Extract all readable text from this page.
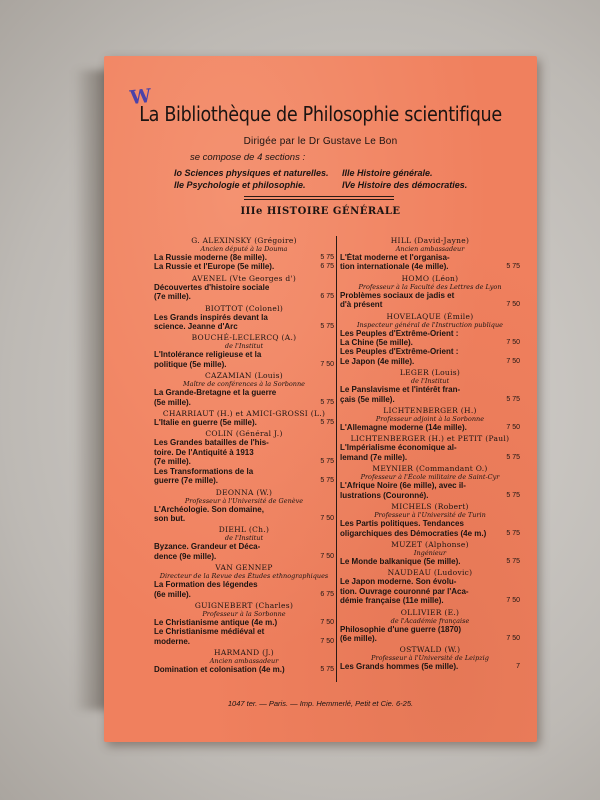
W
La Bibliothèque de Philosophie scientifique
Dirigée par le Dr Gustave Le Bon
se compose de 4 sections :
Io Sciences physiques et naturelles.
IIe Psychologie et philosophie.
IIIe Histoire générale.
IVe Histoire des démocraties.
IIIe HISTOIRE GÉNÉRALE
G. ALEXINSKY (Grégoire)
Ancien député à la Douma
La Russie moderne (8e mille).	5 75
La Russie et l'Europe (5e mille).	6 75
AVENEL (Vte Georges d')
Découvertes d'histoire sociale
(7e mille).	6 75
BIOTTOT (Colonel)
Les Grands inspirés devant la
science. Jeanne d'Arc	5 75
BOUCHÉ-LECLERCQ (A.)
de l'Institut
L'Intolérance religieuse et la
politique (5e mille).	7 50
CAZAMIAN (Louis)
Maître de conférences à la Sorbonne
La Grande-Bretagne et la guerre
(5e mille).	5 75
CHARRIAUT (H.) et AMICI-GROSSI (L.)
L'Italie en guerre (5e mille).	5 75
COLIN (Général J.)
Les Grandes batailles de l'his-
toire. De l'Antiquité à 1913
(7e mille).	5 75
Les Transformations de la
guerre (7e mille).	5 75
DEONNA (W.)
Professeur à l'Université de Genève
L'Archéologie. Son domaine,
son but.	7 50
DIEHL (Ch.)
de l'Institut
Byzance. Grandeur et Déca-
dence (9e mille).	7 50
VAN GENNEP
Directeur de la Revue des Études ethnographiques
La Formation des légendes
(6e mille).	6 75
GUIGNEBERT (Charles)
Professeur à la Sorbonne
Le Christianisme antique (4e m.)	7 50
Le Christianisme médiéval et
moderne.	7 50
HARMAND (J.)
Ancien ambassadeur
Domination et colonisation (4e m.)	5 75
HILL (David-Jayne)
Ancien ambassadeur
L'État moderne et l'organisa-
tion internationale (4e mille).	5 75
HOMO (Léon)
Professeur à la Faculté des Lettres de Lyon
Problèmes sociaux de jadis et
d'à présent	7 50
HOVELAQUE (Émile)
Inspecteur général de l'Instruction publique
Les Peuples d'Extrême-Orient :
La Chine (5e mille).	7 50
Les Peuples d'Extrême-Orient :
Le Japon (4e mille).	7 50
LEGER (Louis)
de l'Institut
Le Panslavisme et l'intérêt fran-
çais (5e mille).	5 75
LICHTENBERGER (H.)
Professeur adjoint à la Sorbonne
L'Allemagne moderne (14e mille).	7 50
LICHTENBERGER (H.) et PETIT (Paul)
L'Impérialisme économique al-
lemand (7e mille).	5 75
MEYNIER (Commandant O.)
Professeur à l'École militaire de Saint-Cyr
L'Afrique Noire (6e mille), avec il-
lustrations (Couronné).	5 75
MICHELS (Robert)
Professeur à l'Université de Turin
Les Partis politiques. Tendances
oligarchiques des Démocraties (4e m.)	5 75
MUZET (Alphonse)
Ingénieur
Le Monde balkanique (5e mille).	5 75
NAUDEAU (Ludovic)
Le Japon moderne. Son évolu-
tion. Ouvrage couronné par l'Aca-
démie française (11e mille).	7 50
OLLIVIER (E.)
de l'Académie française
Philosophie d'une guerre (1870)
(6e mille).	7 50
OSTWALD (W.)
Professeur à l'Université de Leipzig
Les Grands hommes (5e mille).	7
1047 ter. — Paris. — Imp. Hemmerlé, Petit et Cie. 6-25.
